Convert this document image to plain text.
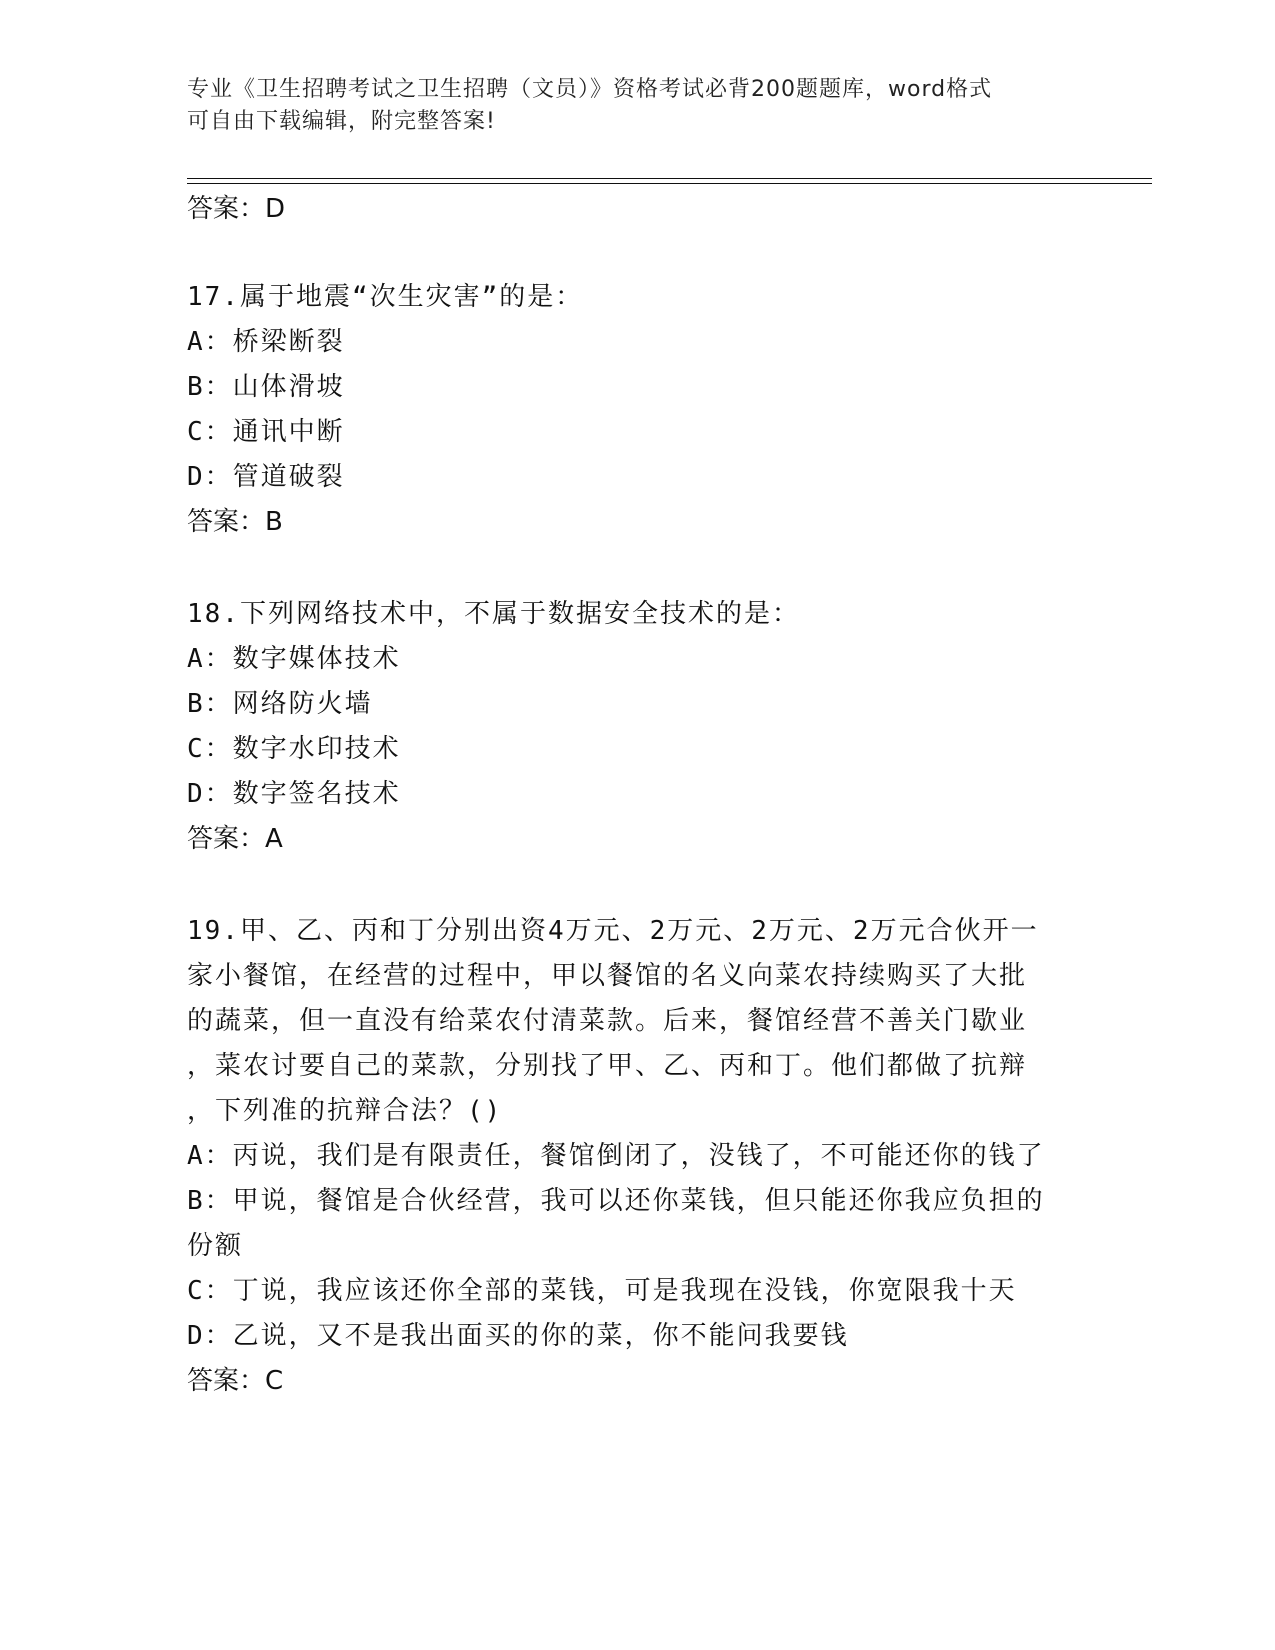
专业《卫生招聘考试之卫生招聘（文员）》资格考试必背200题题库，word格式
可自由下载编辑，附完整答案!
答案：D
17.属于地震“次生灾害”的是：
A：桥梁断裂
B：山体滑坡
C：通讯中断
D：管道破裂
答案：B
18.下列网络技术中，不属于数据安全技术的是：
A：数字媒体技术
B：网络防火墙
C：数字水印技术
D：数字签名技术
答案：A
19.甲、乙、丙和丁分别出资4万元、2万元、2万元、2万元合伙开一
家小餐馆，在经营的过程中，甲以餐馆的名义向菜农持续购买了大批
的蔬菜，但一直没有给菜农付清菜款。后来，餐馆经营不善关门歇业
，菜农讨要自己的菜款，分别找了甲、乙、丙和丁。他们都做了抗辩
，下列准的抗辩合法？()
A：丙说，我们是有限责任，餐馆倒闭了，没钱了，不可能还你的钱了
B：甲说，餐馆是合伙经营，我可以还你菜钱，但只能还你我应负担的
份额
C：丁说，我应该还你全部的菜钱，可是我现在没钱，你宽限我十天
D：乙说，又不是我出面买的你的菜，你不能问我要钱
答案：C
